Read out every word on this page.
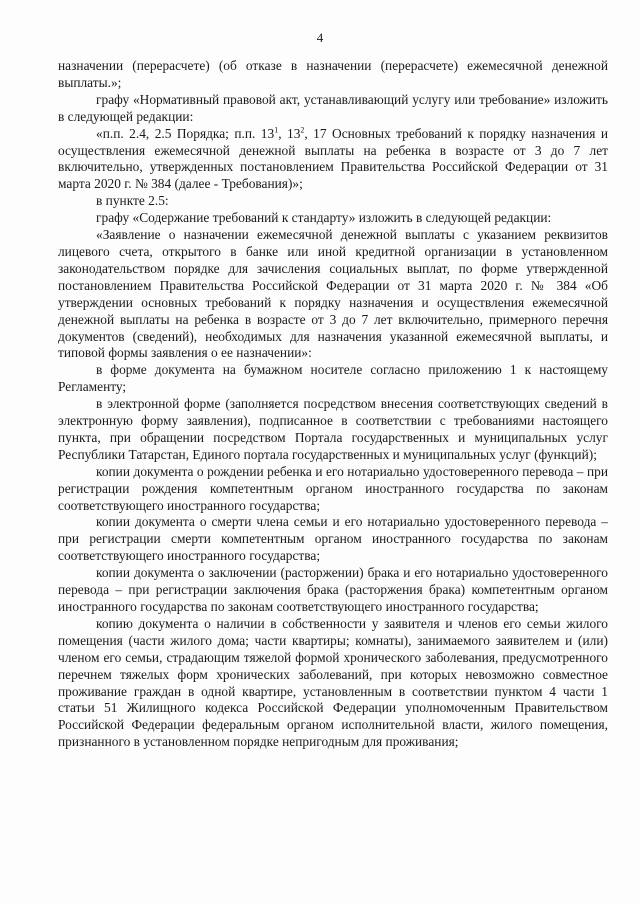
4

назначении (перерасчете) (об отказе в назначении (перерасчете) ежемесячной денежной выплаты.»;

графу «Нормативный правовой акт, устанавливающий услугу или требование» изложить в следующей редакции:

«п.п. 2.4, 2.5 Порядка; п.п. $13^1$, $13^2$, 17 Основных требований к порядку назначения и осуществления ежемесячной денежной выплаты на ребенка в возрасте от 3 до 7 лет включительно, утвержденных постановлением Правительства Российской Федерации от 31 марта 2020 г. № 384 (далее - Требования)»;

в пункте 2.5:

графу «Содержание требований к стандарту» изложить в следующей редакции:

«Заявление о назначении ежемесячной денежной выплаты с указанием реквизитов лицевого счета, открытого в банке или иной кредитной организации в установленном законодательством порядке для зачисления социальных выплат, по форме утвержденной постановлением Правительства Российской Федерации от 31 марта 2020 г. № 384 «Об утверждении основных требований к порядку назначения и осуществления ежемесячной денежной выплаты на ребенка в возрасте от 3 до 7 лет включительно, примерного перечня документов (сведений), необходимых для назначения указанной ежемесячной выплаты, и типовой формы заявления о ее назначении»:

в форме документа на бумажном носителе согласно приложению 1 к настоящему Регламенту;

в электронной форме (заполняется посредством внесения соответствующих сведений в электронную форму заявления), подписанное в соответствии с требованиями настоящего пункта, при обращении посредством Портала государственных и муниципальных услуг Республики Татарстан, Единого портала государственных и муниципальных услуг (функций);

копии документа о рождении ребенка и его нотариально удостоверенного перевода – при регистрации рождения компетентным органом иностранного государства по законам соответствующего иностранного государства;

копии документа о смерти члена семьи и его нотариально удостоверенного перевода – при регистрации смерти компетентным органом иностранного государства по законам соответствующего иностранного государства;

копии документа о заключении (расторжении) брака и его нотариально удостоверенного перевода – при регистрации заключения брака (расторжения брака) компетентным органом иностранного государства по законам соответствующего иностранного государства;

копию документа о наличии в собственности у заявителя и членов его семьи жилого помещения (части жилого дома; части квартиры; комнаты), занимаемого заявителем и (или) членом его семьи, страдающим тяжелой формой хронического заболевания, предусмотренного перечнем тяжелых форм хронических заболеваний, при которых невозможно совместное проживание граждан в одной квартире, установленным в соответствии пунктом 4 части 1 статьи 51 Жилищного кодекса Российской Федерации уполномоченным Правительством Российской Федерации федеральным органом исполнительной власти, жилого помещения, признанного в установленном порядке непригодным для проживания;
